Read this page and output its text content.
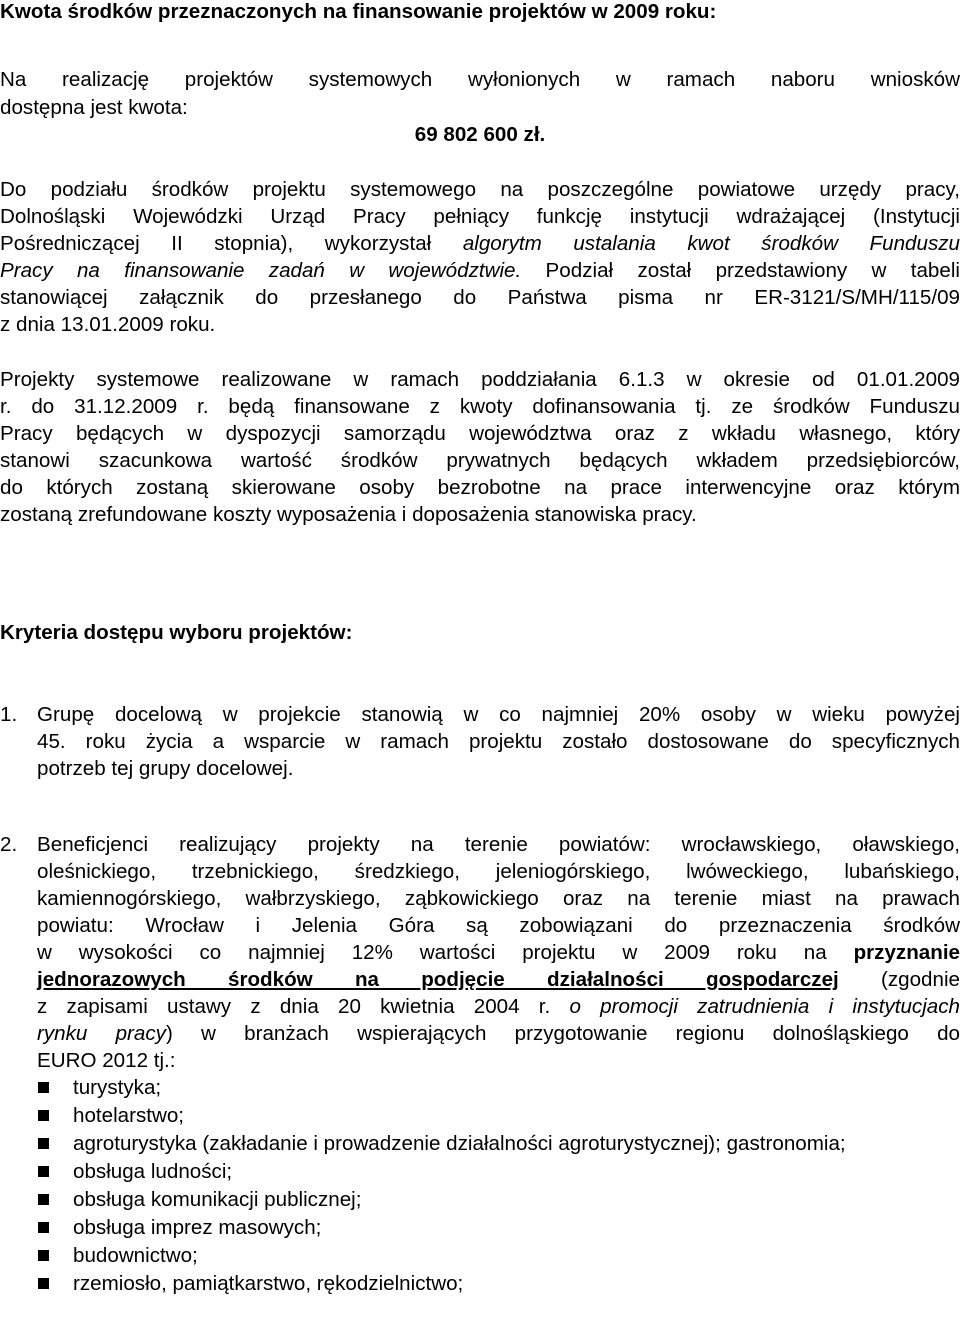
Kwota środków przeznaczonych na finansowanie projektów w 2009 roku:
Na realizację projektów systemowych wyłonionych w ramach naboru wniosków
dostępna jest kwota:
69 802 600 zł.
Do podziału środków projektu systemowego na poszczególne powiatowe urzędy pracy,
Dolnośląski Wojewódzki Urząd Pracy pełniący funkcję instytucji wdrażającej (Instytucji
Pośredniczącej II stopnia), wykorzystał algorytm ustalania kwot środków Funduszu
Pracy na finansowanie zadań w województwie. Podział został przedstawiony w tabeli
stanowiącej załącznik do przesłanego do Państwa pisma nr ER-3121/S/MH/115/09
z dnia 13.01.2009 roku.
Projekty systemowe realizowane w ramach poddziałania 6.1.3 w okresie od 01.01.2009
r. do 31.12.2009 r. będą finansowane z kwoty dofinansowania tj. ze środków Funduszu
Pracy będących w dyspozycji samorządu województwa oraz z wkładu własnego, który
stanowi szacunkowa wartość środków prywatnych będących wkładem przedsiębiorców,
do których zostaną skierowane osoby bezrobotne na prace interwencyjne oraz którym
zostaną zrefundowane koszty wyposażenia i doposażenia stanowiska pracy.
Kryteria dostępu wyboru projektów:
1. Grupę docelową w projekcie stanowią w co najmniej 20% osoby w wieku powyżej
45. roku życia a wsparcie w ramach projektu zostało dostosowane do specyficznych
potrzeb tej grupy docelowej.
2. Beneficjenci realizujący projekty na terenie powiatów: wrocławskiego, oławskiego,
oleśnickiego, trzebnickiego, średzkiego, jeleniogórskiego, lwóweckiego, lubańskiego,
kamiennogórskiego, wałbrzyskiego, ząbkowickiego oraz na terenie miast na prawach
powiatu: Wrocław i Jelenia Góra są zobowiązani do przeznaczenia środków
w wysokości co najmniej 12% wartości projektu w 2009 roku na przyznanie
jednorazowych środków na podjęcie działalności gospodarczej (zgodnie
z zapisami ustawy z dnia 20 kwietnia 2004 r. o promocji zatrudnienia i instytucjach
rynku pracy) w branżach wspierających przygotowanie regionu dolnośląskiego do
EURO 2012 tj.:
turystyka;
hotelarstwo;
agroturystyka (zakładanie i prowadzenie działalności agroturystycznej); gastronomia;
obsługa ludności;
obsługa komunikacji publicznej;
obsługa imprez masowych;
budownictwo;
rzemiosło, pamiątkarstwo, rękodzielnictwo;
